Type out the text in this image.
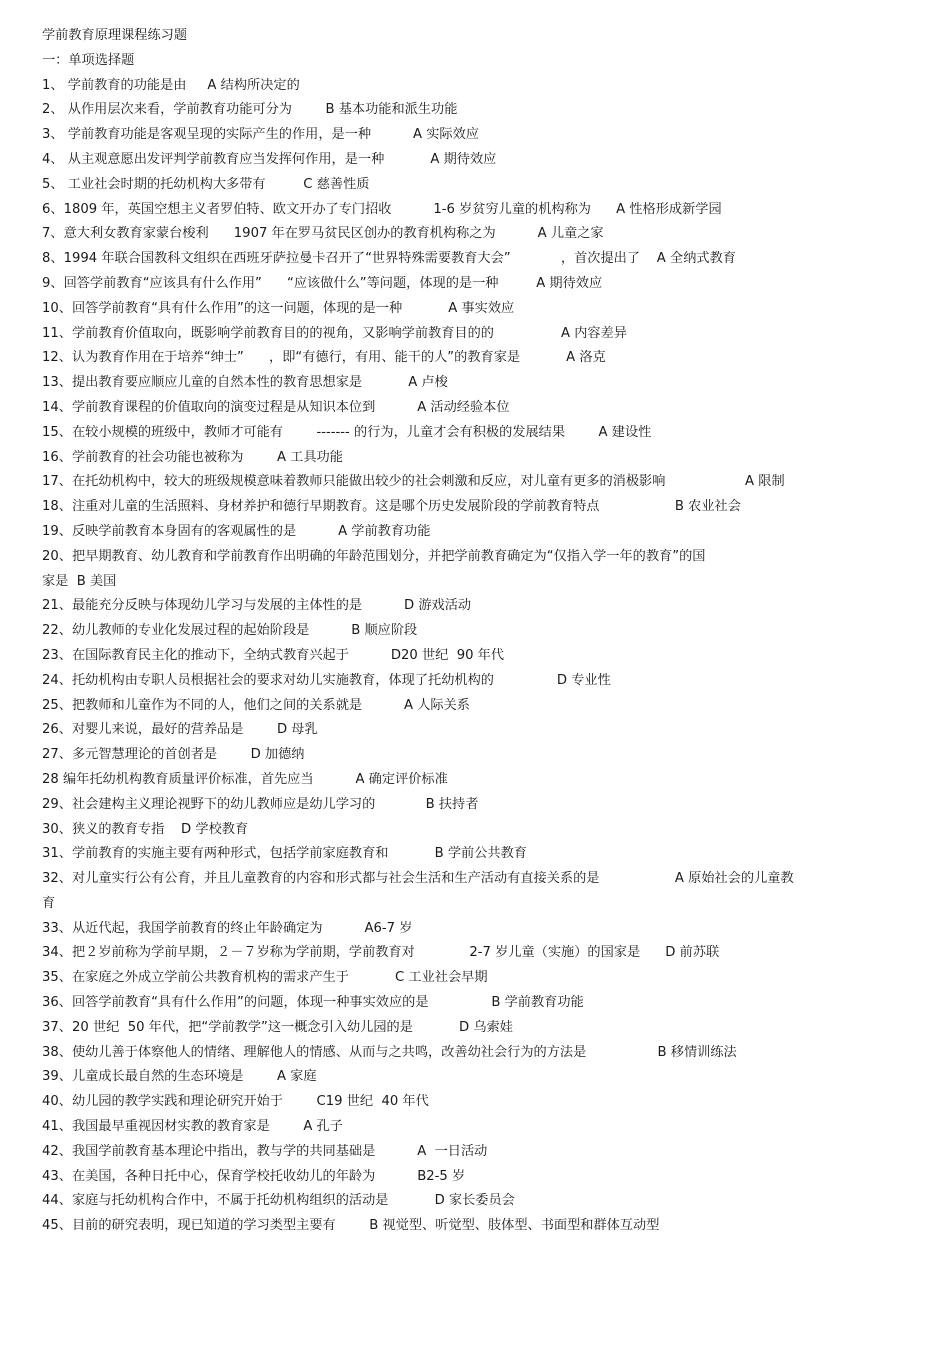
学前教育原理课程练习题
一：单项选择题
1、 学前教育的功能是由     A 结构所决定的
2、 从作用层次来看，学前教育功能可分为        B 基本功能和派生功能
3、 学前教育功能是客观呈现的实际产生的作用，是一种          A 实际效应
4、 从主观意愿出发评判学前教育应当发挥何作用，是一种           A 期待效应
5、 工业社会时期的托幼机构大多带有         C 慈善性质
6、1809 年，英国空想主义者罗伯特、欧文开办了专门招收          1-6 岁贫穷儿童的机构称为      A 性格形成新学园
7、意大利女教育家蒙台梭利      1907 年在罗马贫民区创办的教育机构称之为          A 儿童之家
8、1994 年联合国教科文组织在西班牙萨拉曼卡召开了“世界特殊需要教育大会”            ，首次提出了    A 全纳式教育
9、回答学前教育“应该具有什么作用”      “应该做什么”等问题，体现的是一种         A 期待效应
10、回答学前教育“具有什么作用”的这一问题，体现的是一种           A 事实效应
11、学前教育价值取向，既影响学前教育目的的视角，又影响学前教育目的的                A 内容差异
12、认为教育作用在于培养“绅士”      ，即“有德行，有用、能干的人”的教育家是           A 洛克
13、提出教育要应顺应儿童的自然本性的教育思想家是           A 卢梭
14、学前教育课程的价值取向的演变过程是从知识本位到          A 活动经验本位
15、在较小规模的班级中，教师才可能有        ------- 的行为，儿童才会有积极的发展结果        A 建设性
16、学前教育的社会功能也被称为        A 工具功能
17、在托幼机构中，较大的班级规模意味着教师只能做出较少的社会刺激和反应，对儿童有更多的消极影响                   A 限制
18、注重对儿童的生活照料、身材养护和德行早期教育。这是哪个历史发展阶段的学前教育特点                  B 农业社会
19、反映学前教育本身固有的客观属性的是          A 学前教育功能
20、把早期教育、幼儿教育和学前教育作出明确的年龄范围划分，并把学前教育确定为“仅指入学一年的教育”的国
家是  B 美国
21、最能充分反映与体现幼儿学习与发展的主体性的是          D 游戏活动
22、幼儿教师的专业化发展过程的起始阶段是          B 顺应阶段
23、在国际教育民主化的推动下，全纳式教育兴起于          D20 世纪  90 年代
24、托幼机构由专职人员根据社会的要求对幼儿实施教育，体现了托幼机构的               D 专业性
25、把教师和儿童作为不同的人，他们之间的关系就是          A 人际关系
26、对婴儿来说，最好的营养品是        D 母乳
27、多元智慧理论的首创者是        D 加德纳
28 编年托幼机构教育质量评价标准，首先应当          A 确定评价标准
29、社会建构主义理论视野下的幼儿教师应是幼儿学习的            B 扶持者
30、狭义的教育专指    D 学校教育
31、学前教育的实施主要有两种形式，包括学前家庭教育和           B 学前公共教育
32、对儿童实行公有公育，并且儿童教育的内容和形式都与社会生活和生产活动有直接关系的是                  A 原始社会的儿童教
育
33、从近代起，我国学前教育的终止年龄确定为          A6-7 岁
34、把２岁前称为学前早期，２－７岁称为学前期，学前教育对             2-7 岁儿童（实施）的国家是      D 前苏联
35、在家庭之外成立学前公共教育机构的需求产生于           C 工业社会早期
36、回答学前教育“具有什么作用”的问题，体现一种事实效应的是               B 学前教育功能
37、20 世纪  50 年代，把“学前教学”这一概念引入幼儿园的是           D 乌索娃
38、使幼儿善于体察他人的情绪、理解他人的情感、从而与之共鸣，改善幼社会行为的方法是                 B 移情训练法
39、儿童成长最自然的生态环境是        A 家庭
40、幼儿园的教学实践和理论研究开始于        C19 世纪  40 年代
41、我国最早重视因材实教的教育家是        A 孔子
42、我国学前教育基本理论中指出，教与学的共同基础是          A  一日活动
43、在美国，各种日托中心，保育学校托收幼儿的年龄为          B2-5 岁
44、家庭与托幼机构合作中，不属于托幼机构组织的活动是           D 家长委员会
45、目前的研究表明，现已知道的学习类型主要有        B 视觉型、听觉型、肢体型、书面型和群体互动型
